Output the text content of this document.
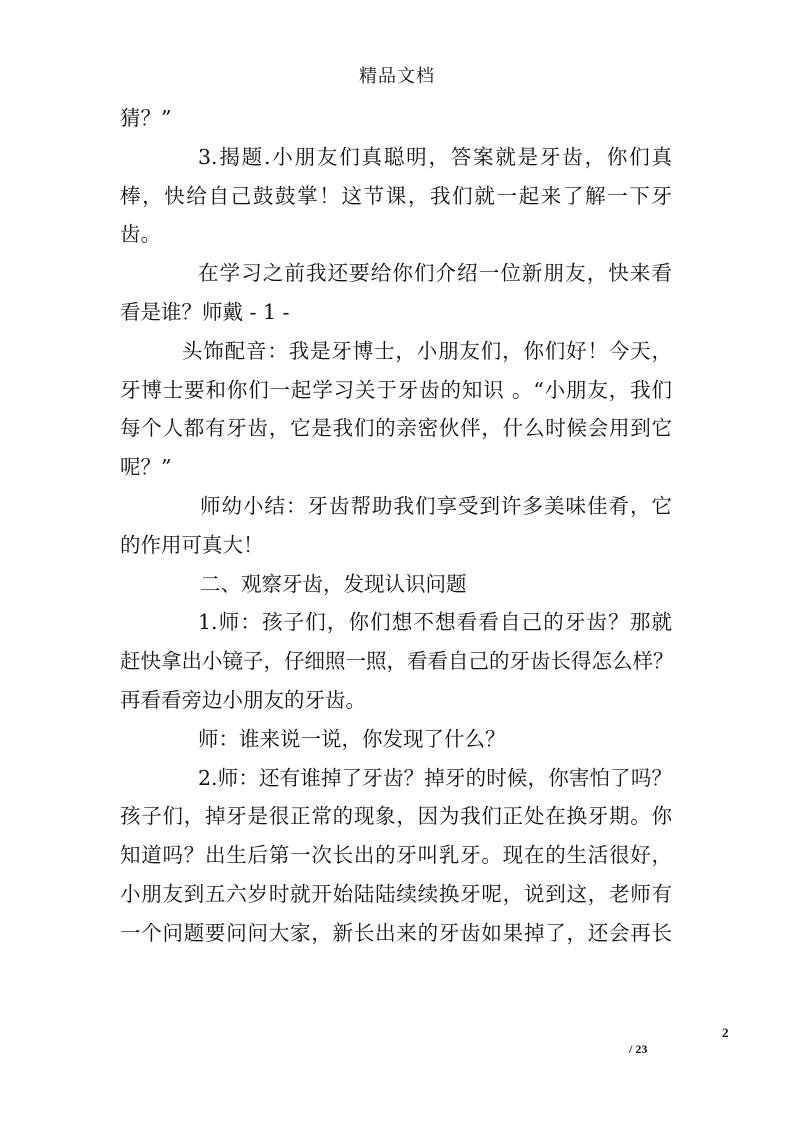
精品文档
猜？”
3.揭题.小朋友们真聪明，答案就是牙齿，你们真
棒，快给自己鼓鼓掌！这节课，我们就一起来了解一下牙
齿。
在学习之前我还要给你们介绍一位新朋友，快来看
看是谁？师戴 - 1 -
头饰配音：我是牙博士，小朋友们，你们好！今天，
牙博士要和你们一起学习关于牙齿的知识 。“小朋友，我们
每个人都有牙齿，它是我们的亲密伙伴，什么时候会用到它
呢？”
师幼小结：牙齿帮助我们享受到许多美味佳肴，它
的作用可真大！
二、观察牙齿，发现认识问题
1.师：孩子们，你们想不想看看自己的牙齿？那就
赶快拿出小镜子，仔细照一照，看看自己的牙齿长得怎么样？
再看看旁边小朋友的牙齿。
师：谁来说一说，你发现了什么？
2.师：还有谁掉了牙齿？掉牙的时候，你害怕了吗？
孩子们，掉牙是很正常的现象，因为我们正处在换牙期。你
知道吗？出生后第一次长出的牙叫乳牙。现在的生活很好，
小朋友到五六岁时就开始陆陆续续换牙呢，说到这，老师有
一个问题要问问大家，新长出来的牙齿如果掉了，还会再长
2
/ 23
